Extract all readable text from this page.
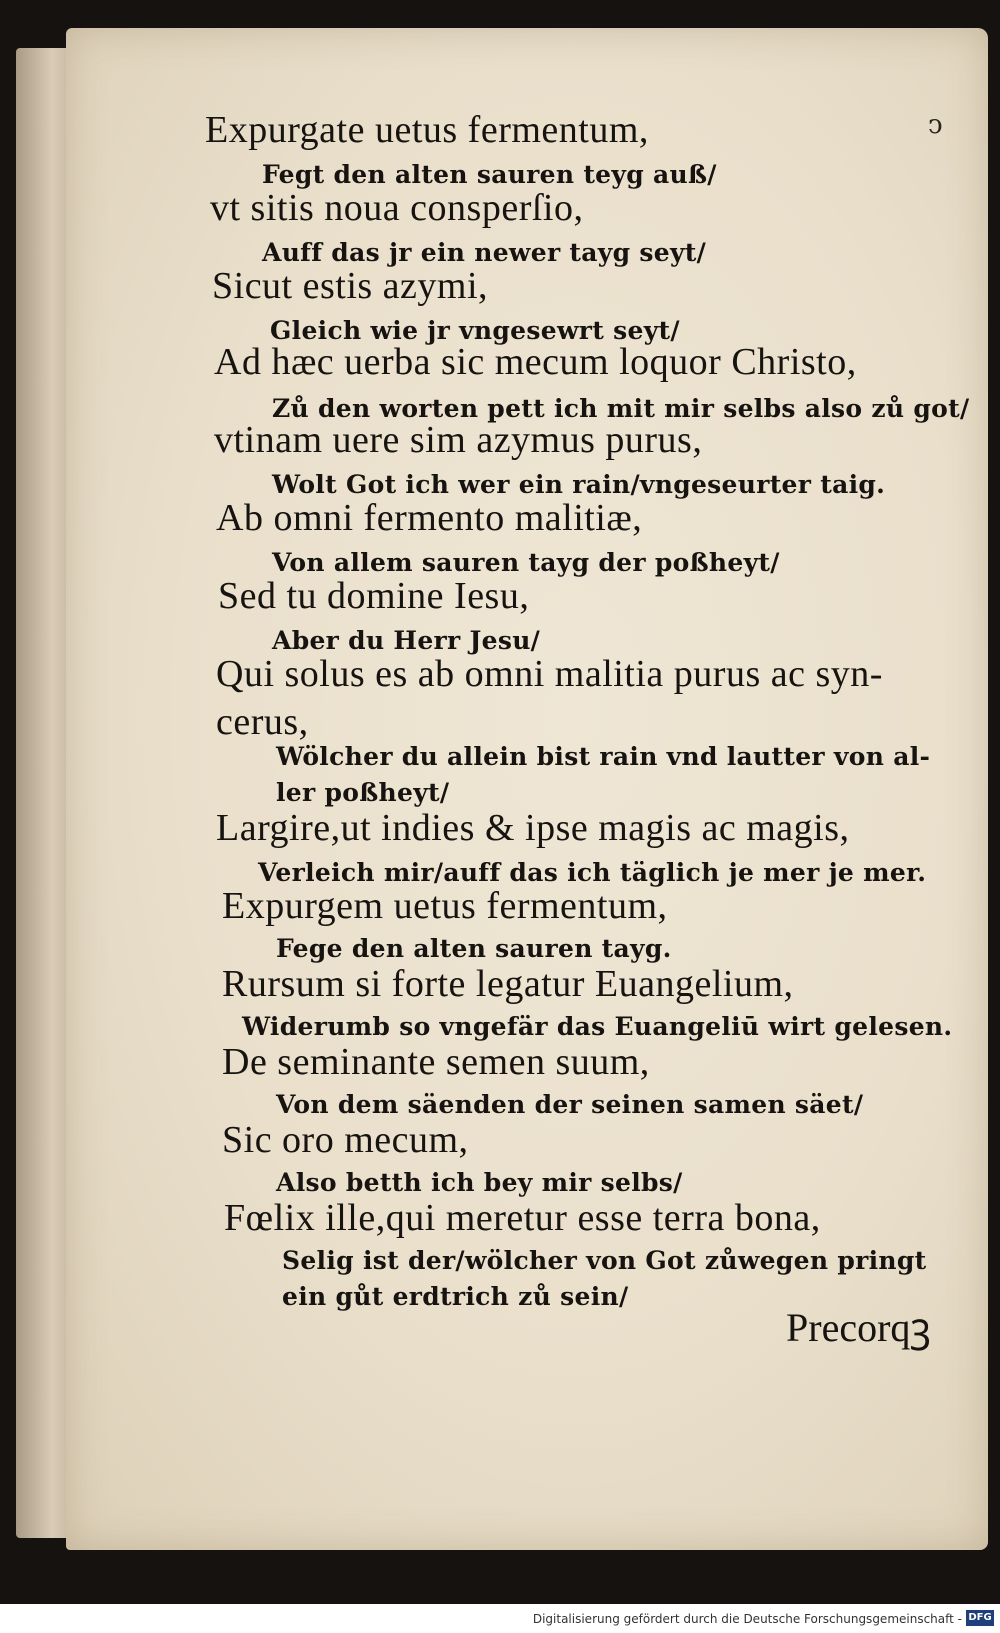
ↄ
Expurgate uetus fermentum,
Fegt den alten sauren teyg auß/
vt sitis noua consperſio,
Auff das jr ein newer tayg seyt/
Sicut estis azymi,
Gleich wie jr vngesewrt seyt/
Ad hæc uerba sic mecum loquor Christo,
Zů den worten pett ich mit mir selbs also zů got/
vtinam uere sim azymus purus,
Wolt Got ich wer ein rain/vngeseurter taig.
Ab omni fermento malitiæ,
Von allem sauren tayg der poßheyt/
Sed tu domine Iesu,
Aber du Herr Jesu/
Qui solus es ab omni malitia purus ac syn-
cerus,
Wölcher du allein bist rain vnd lautter von al-
ler poßheyt/
Largire,ut indies & ipse magis ac magis,
Verleich mir/auff das ich täglich je mer je mer.
Expurgem uetus fermentum,
Fege den alten sauren tayg.
Rursum si forte legatur Euangelium,
Widerumb so vngefär das Euangeliū wirt gelesen.
De seminante semen suum,
Von dem säenden der seinen samen säet/
Sic oro mecum,
Also betth ich bey mir selbs/
Fœlix ille,qui meretur esse terra bona,
Selig ist der/wölcher von Got zůwegen pringt
ein gůt erdtrich zů sein/
Precorqꝫ
Digitalisierung gefördert durch die Deutsche Forschungsgemeinschaft - DFG
